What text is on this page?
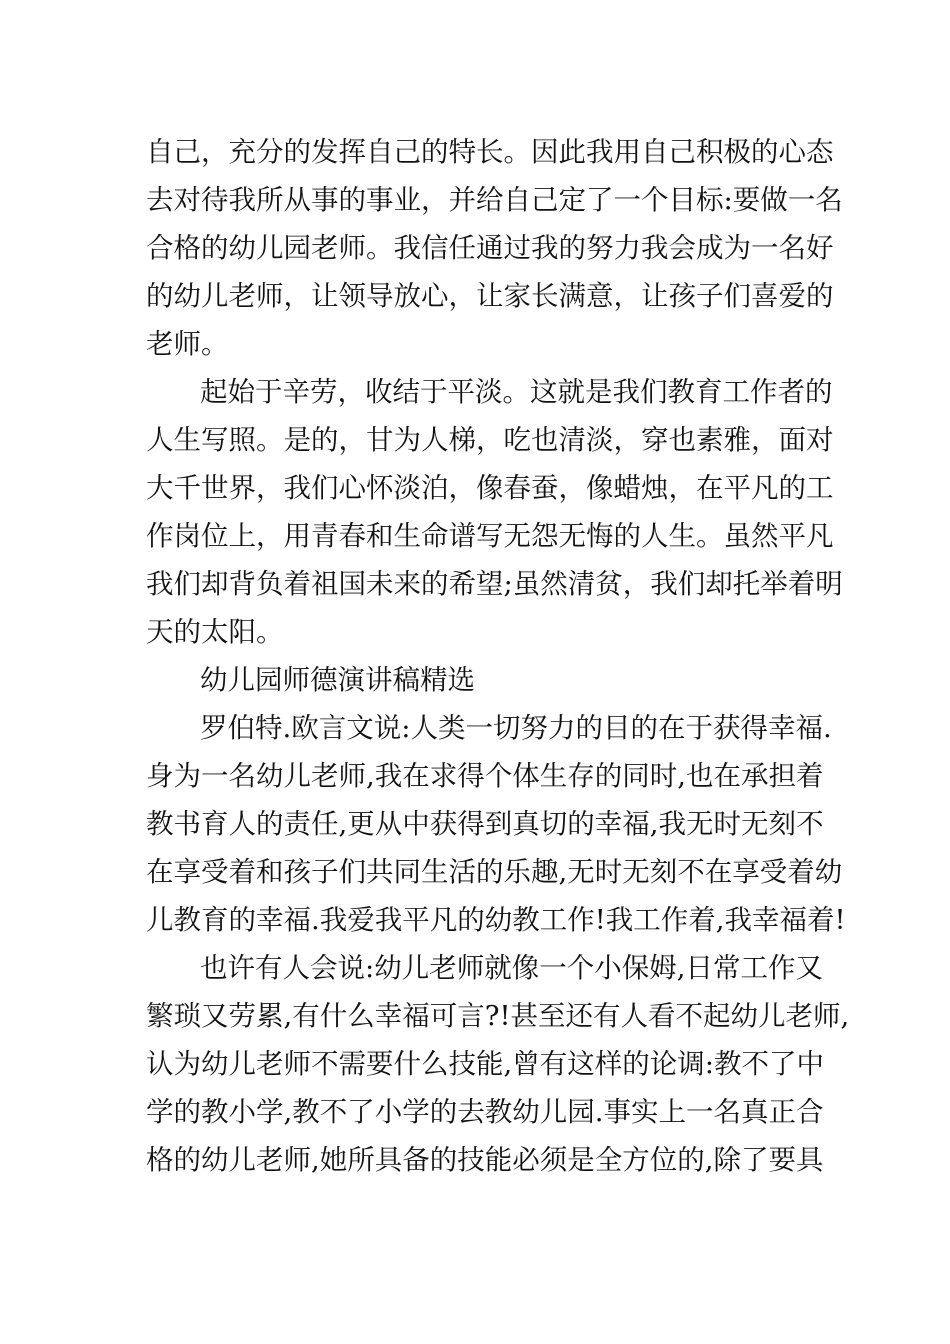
自己，充分的发挥自己的特长。因此我用自己积极的心态
去对待我所从事的事业，并给自己定了一个目标:要做一名
合格的幼儿园老师。我信任通过我的努力我会成为一名好
的幼儿老师，让领导放心，让家长满意，让孩子们喜爱的
老师。
起始于辛劳，收结于平淡。这就是我们教育工作者的
人生写照。是的，甘为人梯，吃也清淡，穿也素雅，面对
大千世界，我们心怀淡泊，像春蚕，像蜡烛，在平凡的工
作岗位上，用青春和生命谱写无怨无悔的人生。虽然平凡
我们却背负着祖国未来的希望;虽然清贫，我们却托举着明
天的太阳。
幼儿园师德演讲稿精选
罗伯特.欧言文说:人类一切努力的目的在于获得幸福.
身为一名幼儿老师,我在求得个体生存的同时,也在承担着
教书育人的责任,更从中获得到真切的幸福,我无时无刻不
在享受着和孩子们共同生活的乐趣,无时无刻不在享受着幼
儿教育的幸福.我爱我平凡的幼教工作!我工作着,我幸福着!
也许有人会说:幼儿老师就像一个小保姆,日常工作又
繁琐又劳累,有什么幸福可言?!甚至还有人看不起幼儿老师,
认为幼儿老师不需要什么技能,曾有这样的论调:教不了中
学的教小学,教不了小学的去教幼儿园.事实上一名真正合
格的幼儿老师,她所具备的技能必须是全方位的,除了要具
